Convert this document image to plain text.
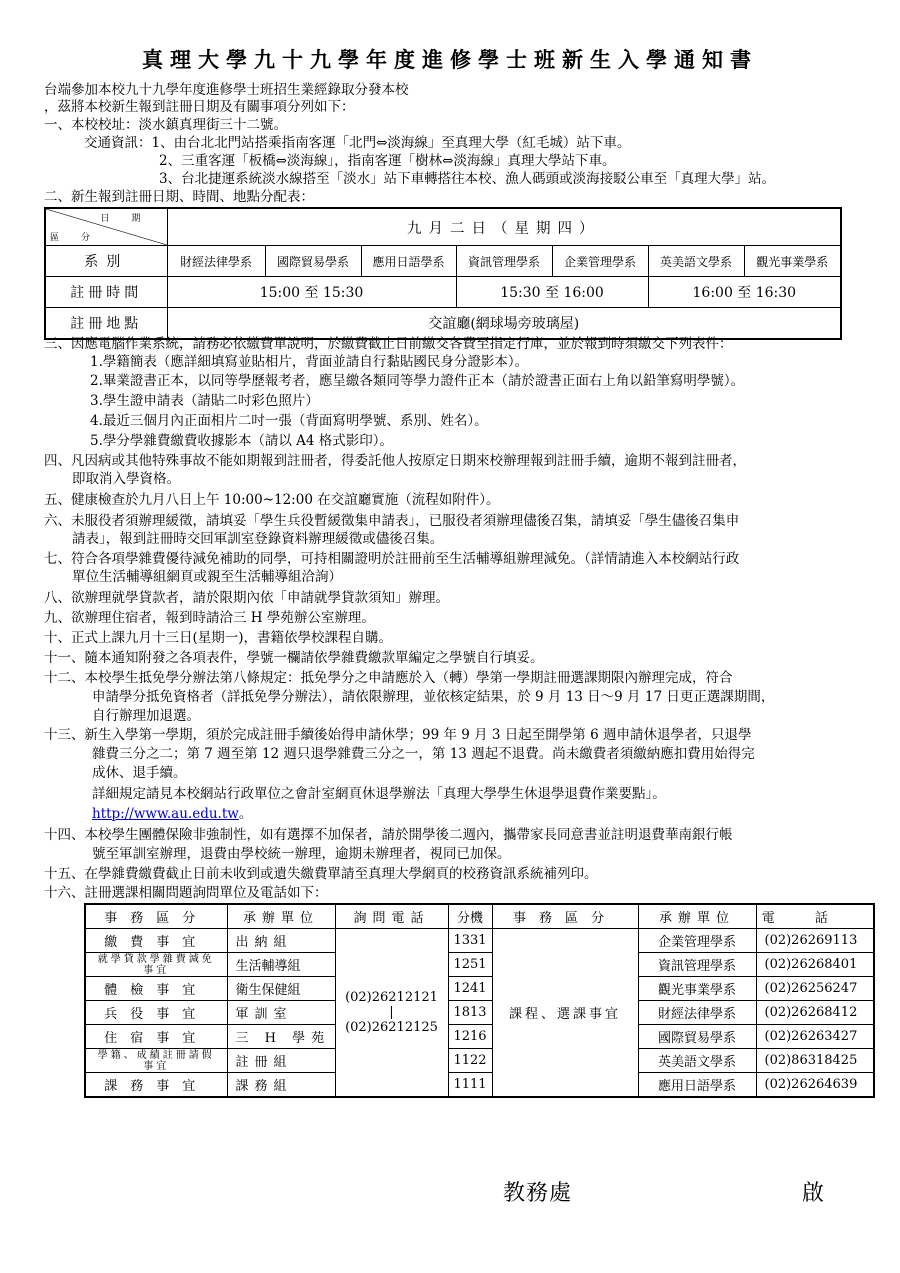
真理大學九十九學年度進修學士班新生入學通知書
台端參加本校九十九學年度進修學士班招生業經錄取分發本校
，茲將本校新生報到註冊日期及有關事項分列如下：
一、本校校址：淡水鎮真理街三十二號。
交通資訊：1、由台北北門站搭乘指南客運「北門⇔淡海線」至真理大學（紅毛城）站下車。
2、三重客運「板橋⇔淡海線」，指南客運「樹林⇔淡海線」真理大學站下車。
3、台北捷運系統淡水線搭至「淡水」站下車轉搭往本校、漁人碼頭或淡海接駁公車至「真理大學」站。
二、新生報到註冊日期、時間、地點分配表：
日期
區分	九月二日（星期四）						
系別	財經法律學系	國際貿易學系	應用日語學系	資訊管理學系	企業管理學系	英美語文學系	觀光事業學系
註冊時間	15:00 至 15:30			15:30 至 16:00		16:00 至 16:30	
註冊地點	交誼廳(網球場旁玻璃屋)						
三、因應電腦作業系統，請務必依繳費單說明，於繳費截止日前繳交各費至指定行庫，並於報到時須繳交下列表件：
1.學籍簡表（應詳細填寫並貼相片，背面並請自行黏貼國民身分證影本）。
2.畢業證書正本，以同等學歷報考者，應呈繳各類同等學力證件正本（請於證書正面右上角以鉛筆寫明學號）。
3.學生證申請表（請貼二吋彩色照片）
4.最近三個月內正面相片二吋一張（背面寫明學號、系別、姓名）。
5.學分學雜費繳費收據影本（請以 A4 格式影印）。
四、凡因病或其他特殊事故不能如期報到註冊者，得委託他人按原定日期來校辦理報到註冊手續，逾期不報到註冊者，
即取消入學資格。
五、健康檢查於九月八日上午 10:00~12:00 在交誼廳實施（流程如附件）。
六、未服役者須辦理緩徵，請填妥「學生兵役暫緩徵集申請表」，已服役者須辦理儘後召集，請填妥「學生儘後召集申
請表」，報到註冊時交回軍訓室登錄資料辦理緩徵或儘後召集。
七、符合各項學雜費優待減免補助的同學，可持相關證明於註冊前至生活輔導組辦理減免。（詳情請進入本校網站行政
單位生活輔導組網頁或親至生活輔導組洽詢）
八、欲辦理就學貸款者，請於限期內依「申請就學貸款須知」辦理。
九、欲辦理住宿者，報到時請洽三 H 學苑辦公室辦理。
十、正式上課九月十三日(星期一)，書籍依學校課程自購。
十一、隨本通知附發之各項表件，學號一欄請依學雜費繳款單編定之學號自行填妥。
十二、本校學生抵免學分辦法第八條規定：抵免學分之申請應於入（轉）學第一學期註冊選課期限內辦理完成，符合
申請學分抵免資格者（詳抵免學分辦法），請依限辦理，並依核定結果，於 9 月 13 日～9 月 17 日更正選課期間，
自行辦理加退選。
十三、新生入學第一學期，須於完成註冊手續後始得申請休學；99 年 9 月 3 日起至開學第 6 週申請休退學者，只退學
雜費三分之二；第 7 週至第 12 週只退學雜費三分之一，第 13 週起不退費。尚未繳費者須繳納應扣費用始得完
成休、退手續。
詳細規定請見本校網站行政單位之會計室網頁休退學辦法「真理大學學生休退學退費作業要點」。
http://www.au.edu.tw。
十四、本校學生團體保險非強制性，如有選擇不加保者，請於開學後二週內，攜帶家長同意書並註明退費華南銀行帳
號至軍訓室辦理，退費由學校統一辦理，逾期未辦理者，視同已加保。
十五、在學雜費繳費截止日前未收到或遺失繳費單請至真理大學網頁的校務資訊系統補列印。
十六、註冊選課相關問題詢問單位及電話如下：
事務區分	承辦單位	詢問電話	分機	事務區分	承辦單位	電話
繳費事宜	出納組	(02)26212121
|
(02)26212125	1331	課程、選課事宜	企業管理學系	(02)26269113
就學貸款學雜費減免事宜	生活輔導組		1251		資訊管理學系	(02)26268401
體檢事宜	衛生保健組		1241		觀光事業學系	(02)26256247
兵役事宜	軍訓室		1813		財經法律學系	(02)26268412
住宿事宜	三 H 學苑		1216		國際貿易學系	(02)26263427
學籍、成績註冊請假事宜	註冊組		1122		英美語文學系	(02)86318425
課務事宜	課務組		1111		應用日語學系	(02)26264639
教務處	啟
